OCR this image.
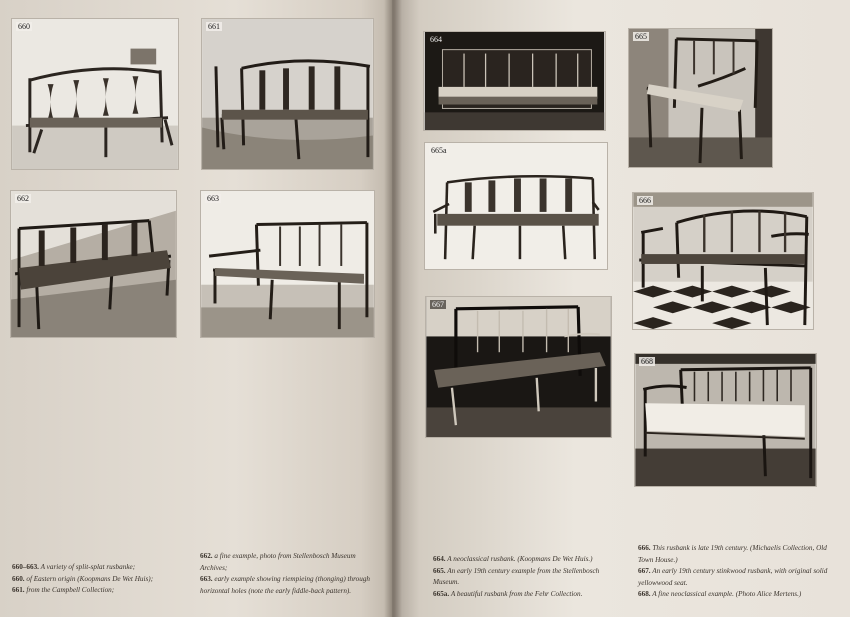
660	661
662	663
664	665
665a
666
667
668

660–663. A variety of split-splat rusbanke;

660. of Eastern origin (Koopmans De Wet Huis);

661. from the Campbell Collection;

662. a fine example, photo from Stellenbosch Museum Archives;

663. early example showing riempieing (thonging) through horizontal holes (note the early fiddle-back pattern).

664. A neoclassical rusbank. (Koopmans De Wet Huis.)

665. An early 19th century example from the Stellenbosch Museum.

665a. A beautiful rusbank from the Fehr Collection.

666. This rusbank is late 19th century. (Michaelis Collection, Old Town House.)

667. An early 19th century stinkwood rusbank, with original solid yellowwood seat.

668. A fine neoclassical example. (Photo Alice Mertens.)
